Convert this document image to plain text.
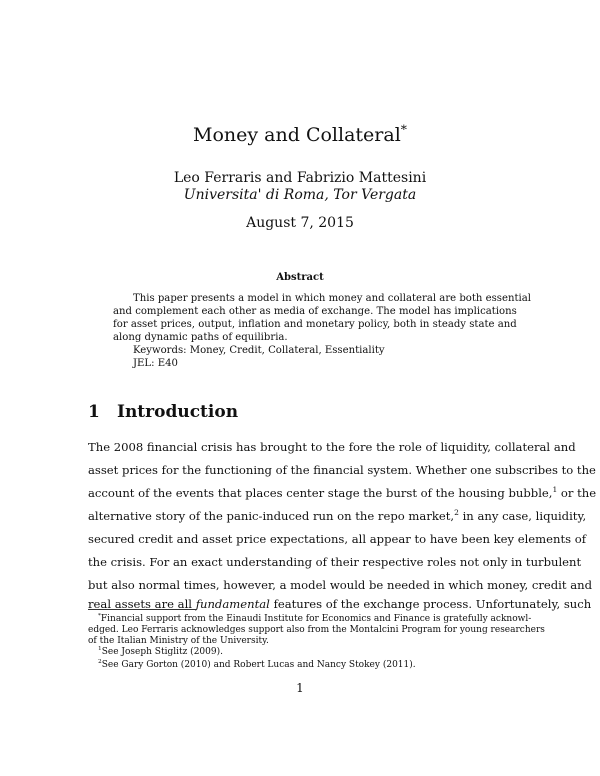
Money and Collateral*
Leo Ferraris and Fabrizio Mattesini
Universita' di Roma, Tor Vergata
August 7, 2015
Abstract
This paper presents a model in which money and collateral are both essential
and complement each other as media of exchange. The model has implications
for asset prices, output, inflation and monetary policy, both in steady state and
along dynamic paths of equilibria.
Keywords: Money, Credit, Collateral, Essentiality
JEL: E40
1 Introduction
The 2008 financial crisis has brought to the fore the role of liquidity, collateral and
asset prices for the functioning of the financial system. Whether one subscribes to the
account of the events that places center stage the burst of the housing bubble,$^1$ or the
alternative story of the panic-induced run on the repo market,$^2$ in any case, liquidity,
secured credit and asset price expectations, all appear to have been key elements of
the crisis. For an exact understanding of their respective roles not only in turbulent
but also normal times, however, a model would be needed in which money, credit and
real assets are all fundamental features of the exchange process. Unfortunately, such
*Financial support from the Einaudi Institute for Economics and Finance is gratefully acknowl-
edged. Leo Ferraris acknowledges support also from the Montalcini Program for young researchers
of the Italian Ministry of the University.
$^1$See Joseph Stiglitz (2009).
$^2$See Gary Gorton (2010) and Robert Lucas and Nancy Stokey (2011).
1
